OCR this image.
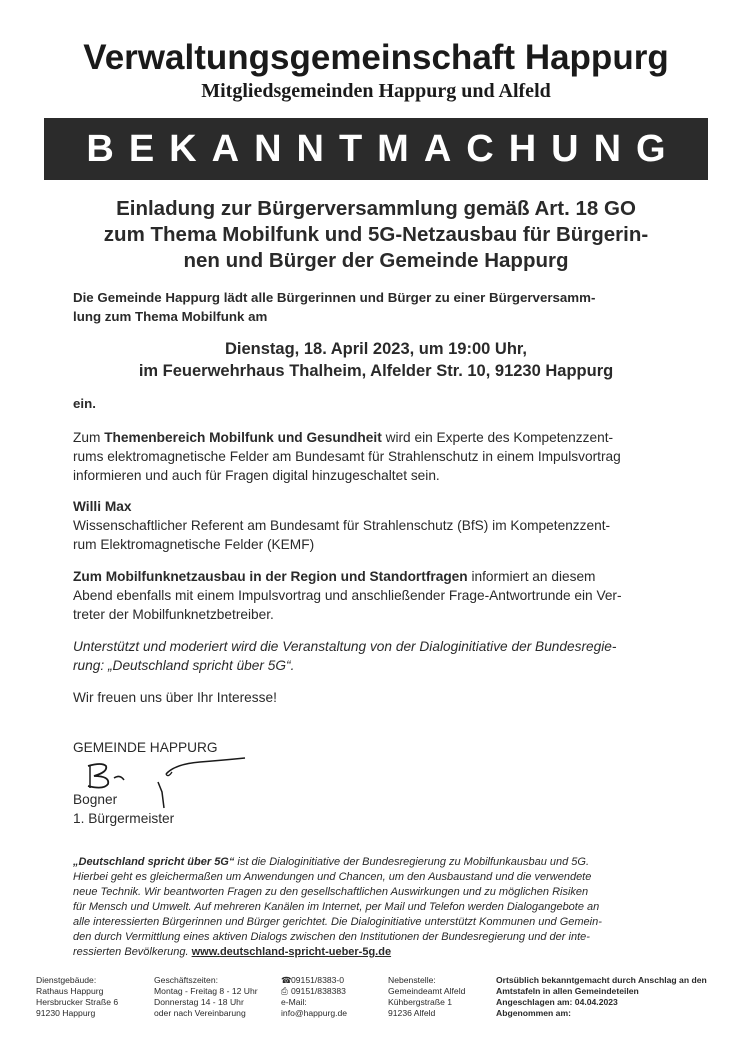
Verwaltungsgemeinschaft Happurg
Mitgliedsgemeinden Happurg und Alfeld
BEKANNTMACHUNG
Einladung zur Bürgerversammlung gemäß Art. 18 GO
zum Thema Mobilfunk und 5G-Netzausbau für Bürgerin-
nen und Bürger der Gemeinde Happurg
Die Gemeinde Happurg lädt alle Bürgerinnen und Bürger zu einer Bürgerversamm-
lung zum Thema Mobilfunk am
Dienstag, 18. April 2023, um 19:00 Uhr,
im Feuerwehrhaus Thalheim, Alfelder Str. 10, 91230 Happurg
ein.
Zum Themenbereich Mobilfunk und Gesundheit wird ein Experte des Kompetenzzent-
rums elektromagnetische Felder am Bundesamt für Strahlenschutz in einem Impulsvortrag
informieren und auch für Fragen digital hinzugeschaltet sein.
Willi Max
Wissenschaftlicher Referent am Bundesamt für Strahlenschutz (BfS) im Kompetenzzent-
rum Elektromagnetische Felder (KEMF)
Zum Mobilfunknetzausbau in der Region und Standortfragen informiert an diesem
Abend ebenfalls mit einem Impulsvortrag und anschließender Frage-Antwortrunde ein Ver-
treter der Mobilfunknetzbetreiber.
Unterstützt und moderiert wird die Veranstaltung von der Dialoginitiative der Bundesregie-
rung: „Deutschland spricht über 5G“.
Wir freuen uns über Ihr Interesse!
GEMEINDE HAPPURG
Bogner
1. Bürgermeister
„Deutschland spricht über 5G“ ist die Dialoginitiative der Bundesregierung zu Mobilfunkausbau und 5G.
Hierbei geht es gleichermaßen um Anwendungen und Chancen, um den Ausbaustand und die verwendete
neue Technik. Wir beantworten Fragen zu den gesellschaftlichen Auswirkungen und zu möglichen Risiken
für Mensch und Umwelt. Auf mehreren Kanälen im Internet, per Mail und Telefon werden Dialogangebote an
alle interessierten Bürgerinnen und Bürger gerichtet. Die Dialoginitiative unterstützt Kommunen und Gemein-
den durch Vermittlung eines aktiven Dialogs zwischen den Institutionen der Bundesregierung und der inte-
ressierten Bevölkerung. www.deutschland-spricht-ueber-5g.de
Dienstgebäude:
Rathaus Happurg
Hersbrucker Straße 6
91230 Happurg
Geschäftszeiten:
Montag - Freitag 8 - 12 Uhr
Donnerstag 14 - 18 Uhr
oder nach Vereinbarung
☎09151/8383-0
⎙ 09151/838383
e-Mail:
info@happurg.de
Nebenstelle:
Gemeindeamt Alfeld
Kühbergstraße 1
91236 Alfeld
Ortsüblich bekanntgemacht durch Anschlag an den
Amtstafeln in allen Gemeindeteilen
Angeschlagen am: 04.04.2023
Abgenommen am:
